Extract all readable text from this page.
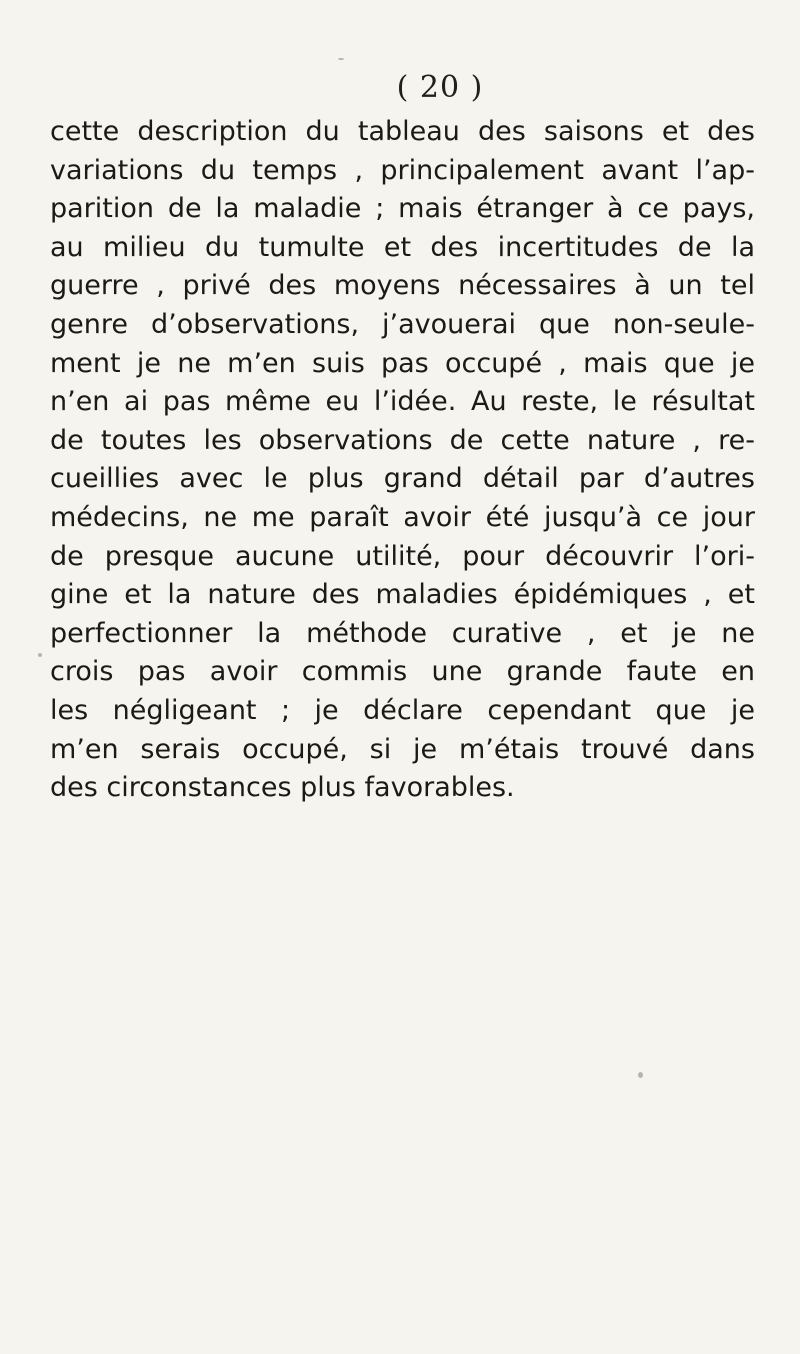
( 20 )
cette description du tableau des saisons et des
variations du temps , principalement avant l’ap-
parition de la maladie ; mais étranger à ce pays,
au milieu du tumulte et des incertitudes de la
guerre , privé des moyens nécessaires à un tel
genre d’observations, j’avouerai que non-seule-
ment je ne m’en suis pas occupé , mais que je
n’en ai pas même eu l’idée. Au reste, le résultat
de toutes les observations de cette nature , re-
cueillies avec le plus grand détail par d’autres
médecins, ne me paraît avoir été jusqu’à ce jour
de presque aucune utilité, pour découvrir l’ori-
gine et la nature des maladies épidémiques , et
perfectionner la méthode curative , et je ne
crois pas avoir commis une grande faute en
les négligeant ; je déclare cependant que je
m’en serais occupé, si je m’étais trouvé dans
des circonstances plus favorables.
